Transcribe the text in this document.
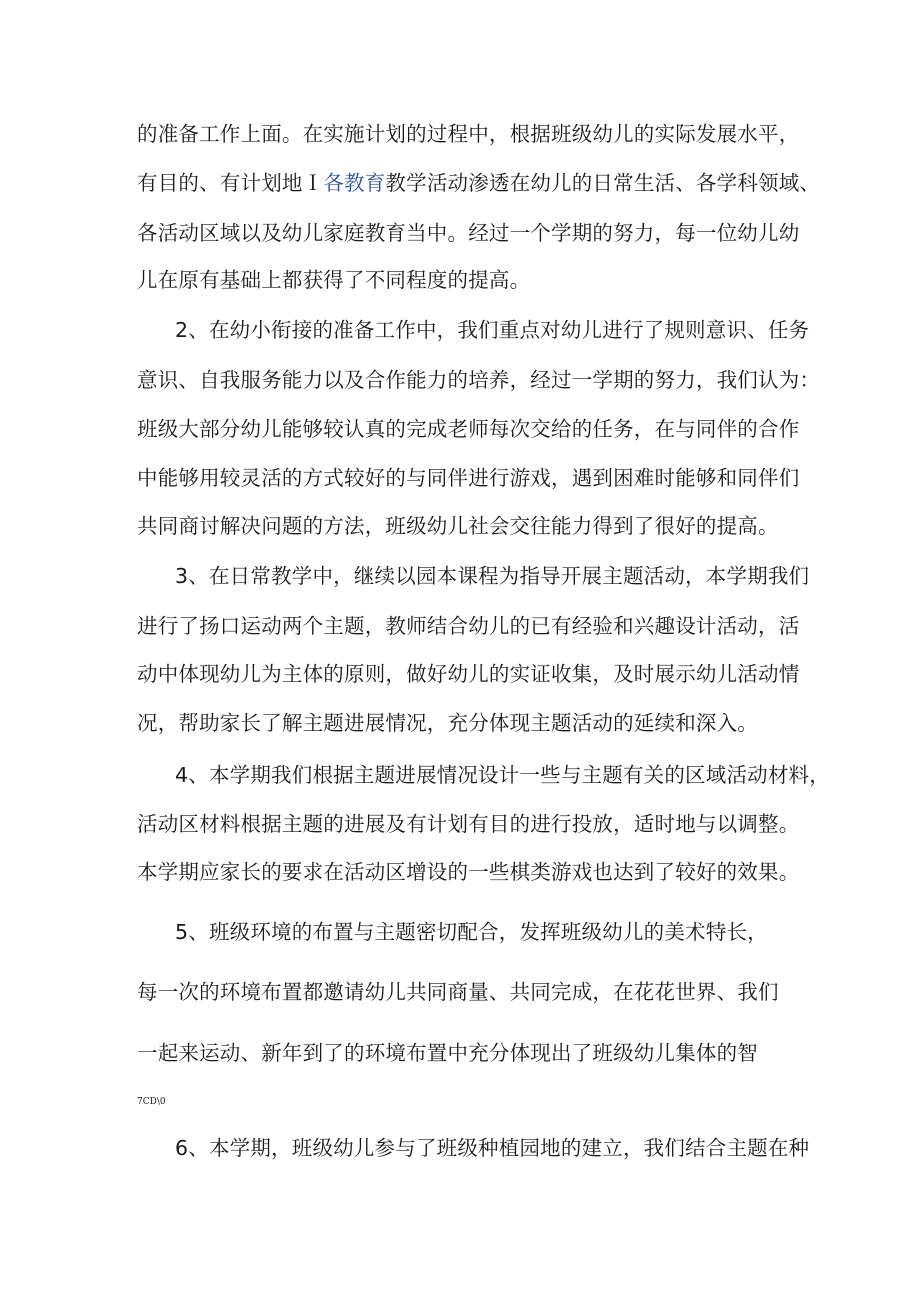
的准备工作上面。在实施计划的过程中，根据班级幼儿的实际发展水平，
有目的、有计划地Ｉ各教育教学活动渗透在幼儿的日常生活、各学科领域、
各活动区域以及幼儿家庭教育当中。经过一个学期的努力，每一位幼儿幼
儿在原有基础上都获得了不同程度的提高。
2、在幼小衔接的准备工作中，我们重点对幼儿进行了规则意识、任务
意识、自我服务能力以及合作能力的培养，经过一学期的努力，我们认为：
班级大部分幼儿能够较认真的完成老师每次交给的任务，在与同伴的合作
中能够用较灵活的方式较好的与同伴进行游戏，遇到困难时能够和同伴们
共同商讨解决问题的方法，班级幼儿社会交往能力得到了很好的提高。
3、在日常教学中，继续以园本课程为指导开展主题活动，本学期我们
进行了扬口运动两个主题，教师结合幼儿的已有经验和兴趣设计活动，活
动中体现幼儿为主体的原则，做好幼儿的实证收集，及时展示幼儿活动情
况，帮助家长了解主题进展情况，充分体现主题活动的延续和深入。
4、本学期我们根据主题进展情况设计一些与主题有关的区域活动材料，
活动区材料根据主题的进展及有计划有目的进行投放，适时地与以调整。
本学期应家长的要求在活动区增设的一些棋类游戏也达到了较好的效果。
5、班级环境的布置与主题密切配合，发挥班级幼儿的美术特长，
每一次的环境布置都邀请幼儿共同商量、共同完成，在花花世界、我们
一起来运动、新年到了的环境布置中充分体现出了班级幼儿集体的智
7CD\0
6、本学期，班级幼儿参与了班级种植园地的建立，我们结合主题在种
